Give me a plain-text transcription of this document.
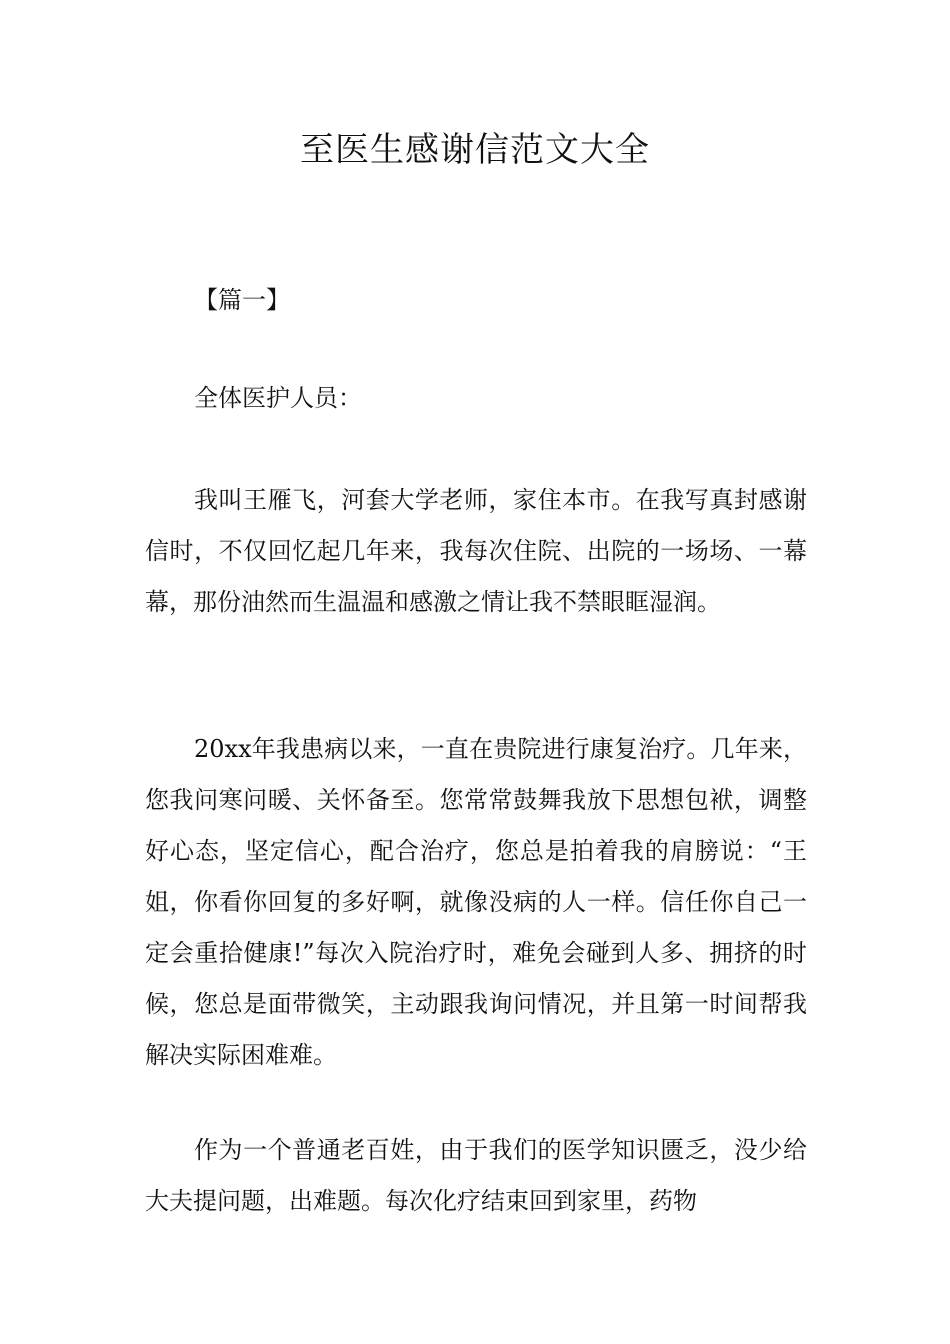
至医生感谢信范文大全

【篇一】

全体医护人员：

我叫王雁飞，河套大学老师，家住本市。在我写真封感谢信时，不仅回忆起几年来，我每次住院、出院的一场场、一幕幕，那份油然而生温温和感激之情让我不禁眼眶湿润。

20xx年我患病以来，一直在贵院进行康复治疗。几年来，您我问寒问暖、关怀备至。您常常鼓舞我放下思想包袱，调整好心态，坚定信心，配合治疗，您总是拍着我的肩膀说：“王姐，你看你回复的多好啊，就像没病的人一样。信任你自己一定会重拾健康!”每次入院治疗时，难免会碰到人多、拥挤的时候，您总是面带微笑，主动跟我询问情况，并且第一时间帮我解决实际困难难。

作为一个普通老百姓，由于我们的医学知识匮乏，没少给大夫提问题，出难题。每次化疗结束回到家里，药物
